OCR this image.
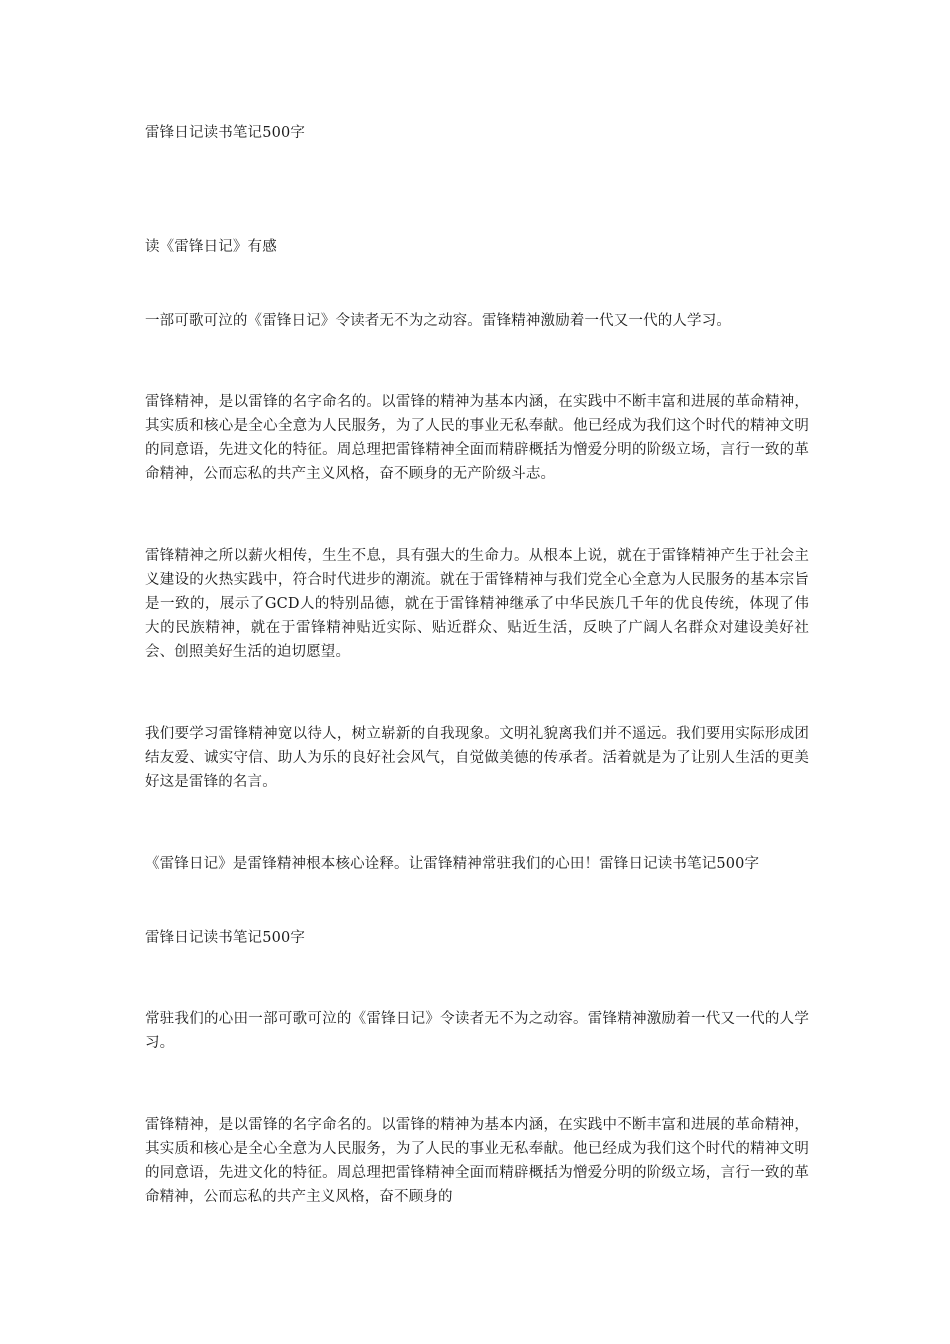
雷锋日记读书笔记500字

读《雷锋日记》有感

一部可歌可泣的《雷锋日记》令读者无不为之动容。雷锋精神激励着一代又一代的人学习。

雷锋精神，是以雷锋的名字命名的。以雷锋的精神为基本内涵，在实践中不断丰富和进展的革命精神，其实质和核心是全心全意为人民服务，为了人民的事业无私奉献。他已经成为我们这个时代的精神文明的同意语，先进文化的特征。周总理把雷锋精神全面而精辟概括为憎爱分明的阶级立场，言行一致的革命精神，公而忘私的共产主义风格，奋不顾身的无产阶级斗志。

雷锋精神之所以薪火相传，生生不息，具有强大的生命力。从根本上说，就在于雷锋精神产生于社会主义建设的火热实践中，符合时代进步的潮流。就在于雷锋精神与我们党全心全意为人民服务的基本宗旨是一致的，展示了GCD人的特别品德，就在于雷锋精神继承了中华民族几千年的优良传统，体现了伟大的民族精神，就在于雷锋精神贴近实际、贴近群众、贴近生活，反映了广阔人名群众对建设美好社会、创照美好生活的迫切愿望。

我们要学习雷锋精神宽以待人，树立崭新的自我现象。文明礼貌离我们并不遥远。我们要用实际形成团结友爱、诚实守信、助人为乐的良好社会风气，自觉做美德的传承者。活着就是为了让别人生活的更美好这是雷锋的名言。

《雷锋日记》是雷锋精神根本核心诠释。让雷锋精神常驻我们的心田！雷锋日记读书笔记500字

雷锋日记读书笔记500字

常驻我们的心田一部可歌可泣的《雷锋日记》令读者无不为之动容。雷锋精神激励着一代又一代的人学习。

雷锋精神，是以雷锋的名字命名的。以雷锋的精神为基本内涵，在实践中不断丰富和进展的革命精神，其实质和核心是全心全意为人民服务，为了人民的事业无私奉献。他已经成为我们这个时代的精神文明的同意语，先进文化的特征。周总理把雷锋精神全面而精辟概括为憎爱分明的阶级立场，言行一致的革命精神，公而忘私的共产主义风格，奋不顾身的
